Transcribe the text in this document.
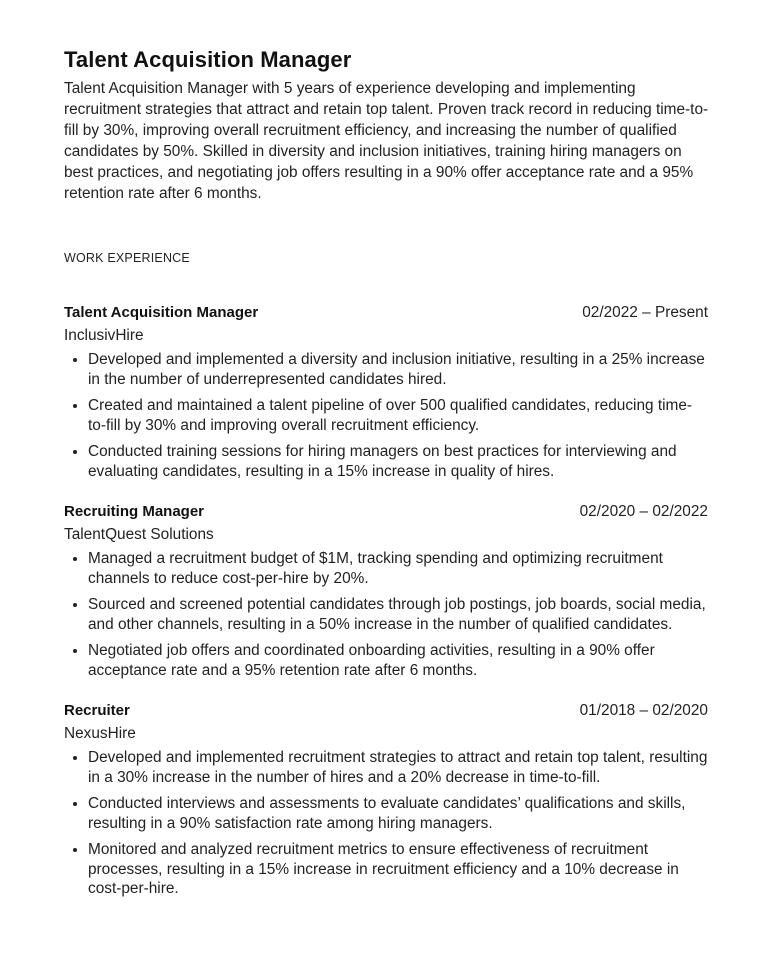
Talent Acquisition Manager

Talent Acquisition Manager with 5 years of experience developing and implementing recruitment strategies that attract and retain top talent. Proven track record in reducing time-to-fill by 30%, improving overall recruitment efficiency, and increasing the number of qualified candidates by 50%. Skilled in diversity and inclusion initiatives, training hiring managers on best practices, and negotiating job offers resulting in a 90% offer acceptance rate and a 95% retention rate after 6 months.

WORK EXPERIENCE
Talent Acquisition Manager	02/2022 – Present
InclusivHire
• Developed and implemented a diversity and inclusion initiative, resulting in a 25% increase in the number of underrepresented candidates hired.
• Created and maintained a talent pipeline of over 500 qualified candidates, reducing time-to-fill by 30% and improving overall recruitment efficiency.
• Conducted training sessions for hiring managers on best practices for interviewing and evaluating candidates, resulting in a 15% increase in quality of hires.
Recruiting Manager	02/2020 – 02/2022
TalentQuest Solutions
• Managed a recruitment budget of $1M, tracking spending and optimizing recruitment channels to reduce cost-per-hire by 20%.
• Sourced and screened potential candidates through job postings, job boards, social media, and other channels, resulting in a 50% increase in the number of qualified candidates.
• Negotiated job offers and coordinated onboarding activities, resulting in a 90% offer acceptance rate and a 95% retention rate after 6 months.
Recruiter	01/2018 – 02/2020
NexusHire
• Developed and implemented recruitment strategies to attract and retain top talent, resulting in a 30% increase in the number of hires and a 20% decrease in time-to-fill.
• Conducted interviews and assessments to evaluate candidates’ qualifications and skills, resulting in a 90% satisfaction rate among hiring managers.
• Monitored and analyzed recruitment metrics to ensure effectiveness of recruitment processes, resulting in a 15% increase in recruitment efficiency and a 10% decrease in cost-per-hire.
